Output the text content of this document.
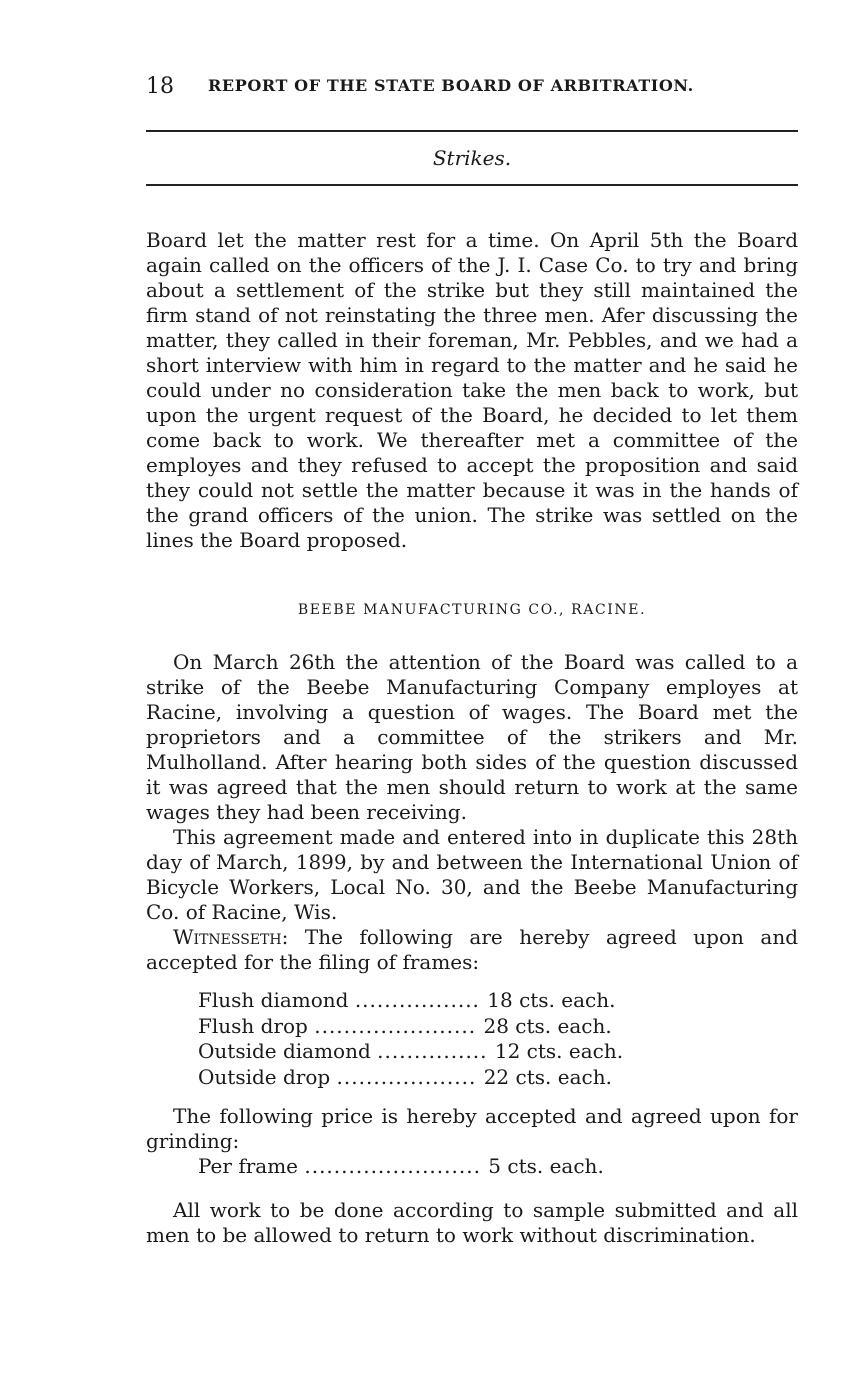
18 REPORT OF THE STATE BOARD OF ARBITRATION.
Strikes.

Board let the matter rest for a time. On April 5th the Board again called on the officers of the J. I. Case Co. to try and bring about a settlement of the strike but they still maintained the firm stand of not reinstating the three men. Afer discussing the matter, they called in their foreman, Mr. Pebbles, and we had a short interview with him in regard to the matter and he said he could under no consideration take the men back to work, but upon the urgent request of the Board, he decided to let them come back to work. We thereafter met a committee of the employes and they refused to accept the proposition and said they could not settle the matter because it was in the hands of the grand officers of the union. The strike was settled on the lines the Board proposed.

BEEBE MANUFACTURING CO., RACINE.

On March 26th the attention of the Board was called to a strike of the Beebe Manufacturing Company employes at Racine, involving a question of wages. The Board met the proprietors and a committee of the strikers and Mr. Mulholland. After hearing both sides of the question discussed it was agreed that the men should return to work at the same wages they had been receiving.

This agreement made and entered into in duplicate this 28th day of March, 1899, by and between the International Union of Bicycle Workers, Local No. 30, and the Beebe Manufacturing Co. of Racine, Wis.

Witnesseth: The following are hereby agreed upon and accepted for the filing of frames:

Flush diamond ................. 18 cts. each.
Flush drop ...................... 28 cts. each.
Outside diamond ............... 12 cts. each.
Outside drop ................... 22 cts. each.

The following price is hereby accepted and agreed upon for grinding:

Per frame ........................ 5 cts. each.

All work to be done according to sample submitted and all men to be allowed to return to work without discrimination.
